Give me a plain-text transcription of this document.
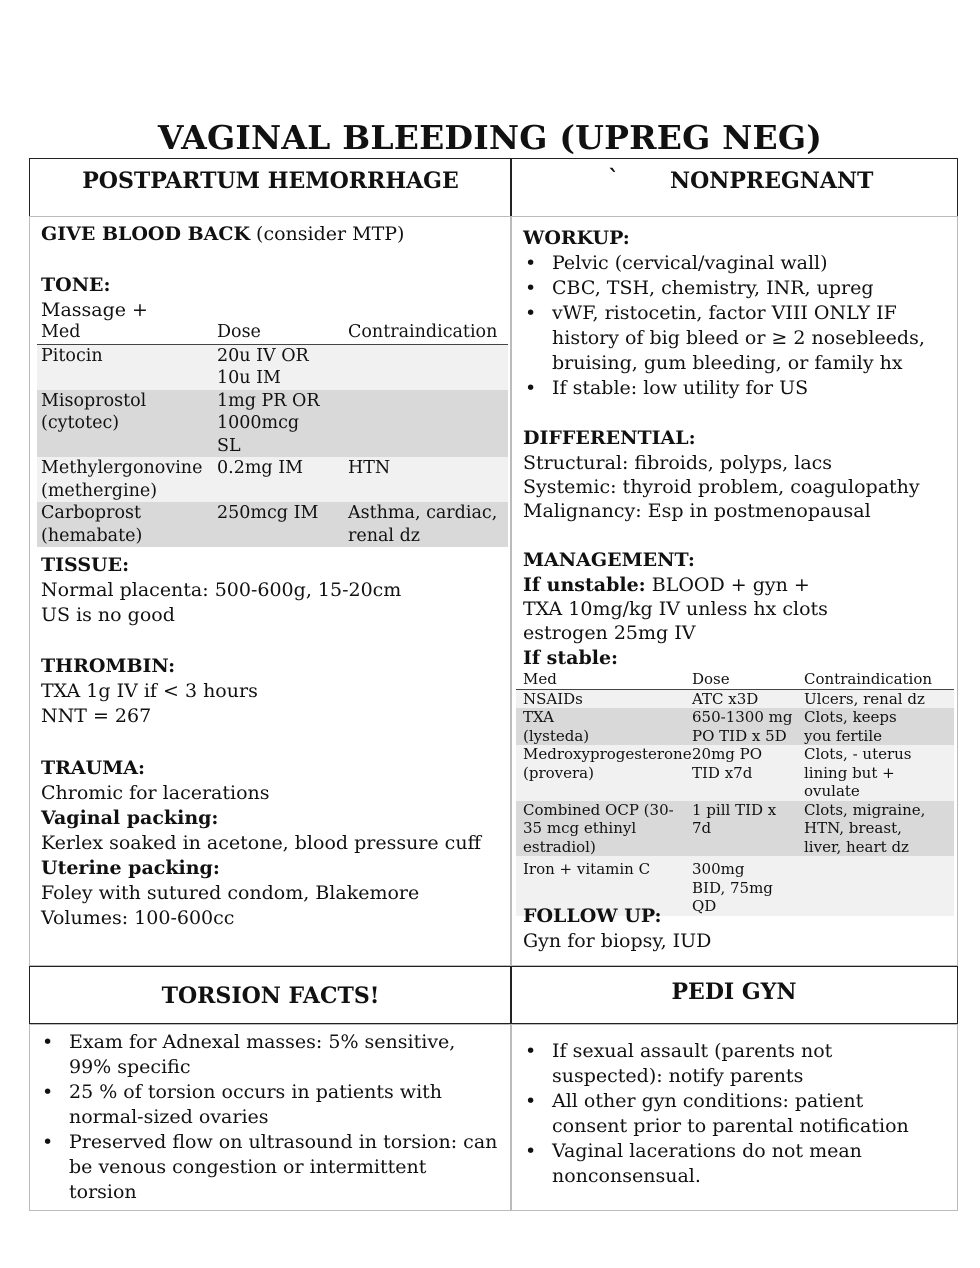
VAGINAL BLEEDING (UPREG NEG)
POSTPARTUM HEMORRHAGE	` NONPREGNANT
TORSION FACTS!	PEDI GYN
GIVE BLOOD BACK (consider MTP)
TONE:
Massage +
Med	Dose	Contraindication
Pitocin	20u IV OR 10u IM	

Misoprostol (cytotec)	1mg PR OR 1000mcg SL	

Methylergonovine (methergine)	0.2mg IM	HTN

Carboprost (hemabate)	250mcg IM	Asthma, cardiac, renal dz
TISSUE:
Normal placenta: 500-600g, 15-20cm
US is no good
THROMBIN:
TXA 1g IV if < 3 hours
NNT = 267
TRAUMA:
Chromic for lacerations
Vaginal packing:
Kerlex soaked in acetone, blood pressure cuff
Uterine packing:
Foley with sutured condom, Blakemore
Volumes: 100-600cc
WORKUP:
• Pelvic (cervical/vaginal wall)
• CBC, TSH, chemistry, INR, upreg
• vWF, ristocetin, factor VIII ONLY IF history of big bleed or ≥ 2 nosebleeds, bruising, gum bleeding, or family hx
• If stable: low utility for US
DIFFERENTIAL:
Structural: fibroids, polyps, lacs
Systemic: thyroid problem, coagulopathy
Malignancy: Esp in postmenopausal
MANAGEMENT:
If unstable: BLOOD + gyn +
TXA 10mg/kg IV unless hx clots
estrogen 25mg IV
If stable:
Med	Dose	Contraindication
NSAIDs	ATC x3D	Ulcers, renal dz

TXA (lysteda)	650-1300 mg PO TID x 5D	Clots, keeps you fertile

Medroxyprogesterone (provera)	20mg PO TID x7d	Clots, - uterus lining but + ovulate

Combined OCP (30-35 mcg ethinyl estradiol)	1 pill TID x 7d	Clots, migraine, HTN, breast, liver, heart dz

Iron + vitamin C	300mg BID, 75mg QD	

FOLLOW UP:
Gyn for biopsy, IUD
• Exam for Adnexal masses: 5% sensitive, 99% specific
• 25 % of torsion occurs in patients with normal-sized ovaries
• Preserved flow on ultrasound in torsion: can be venous congestion or intermittent torsion
• If sexual assault (parents not suspected): notify parents
• All other gyn conditions: patient consent prior to parental notification
• Vaginal lacerations do not mean nonconsensual.
